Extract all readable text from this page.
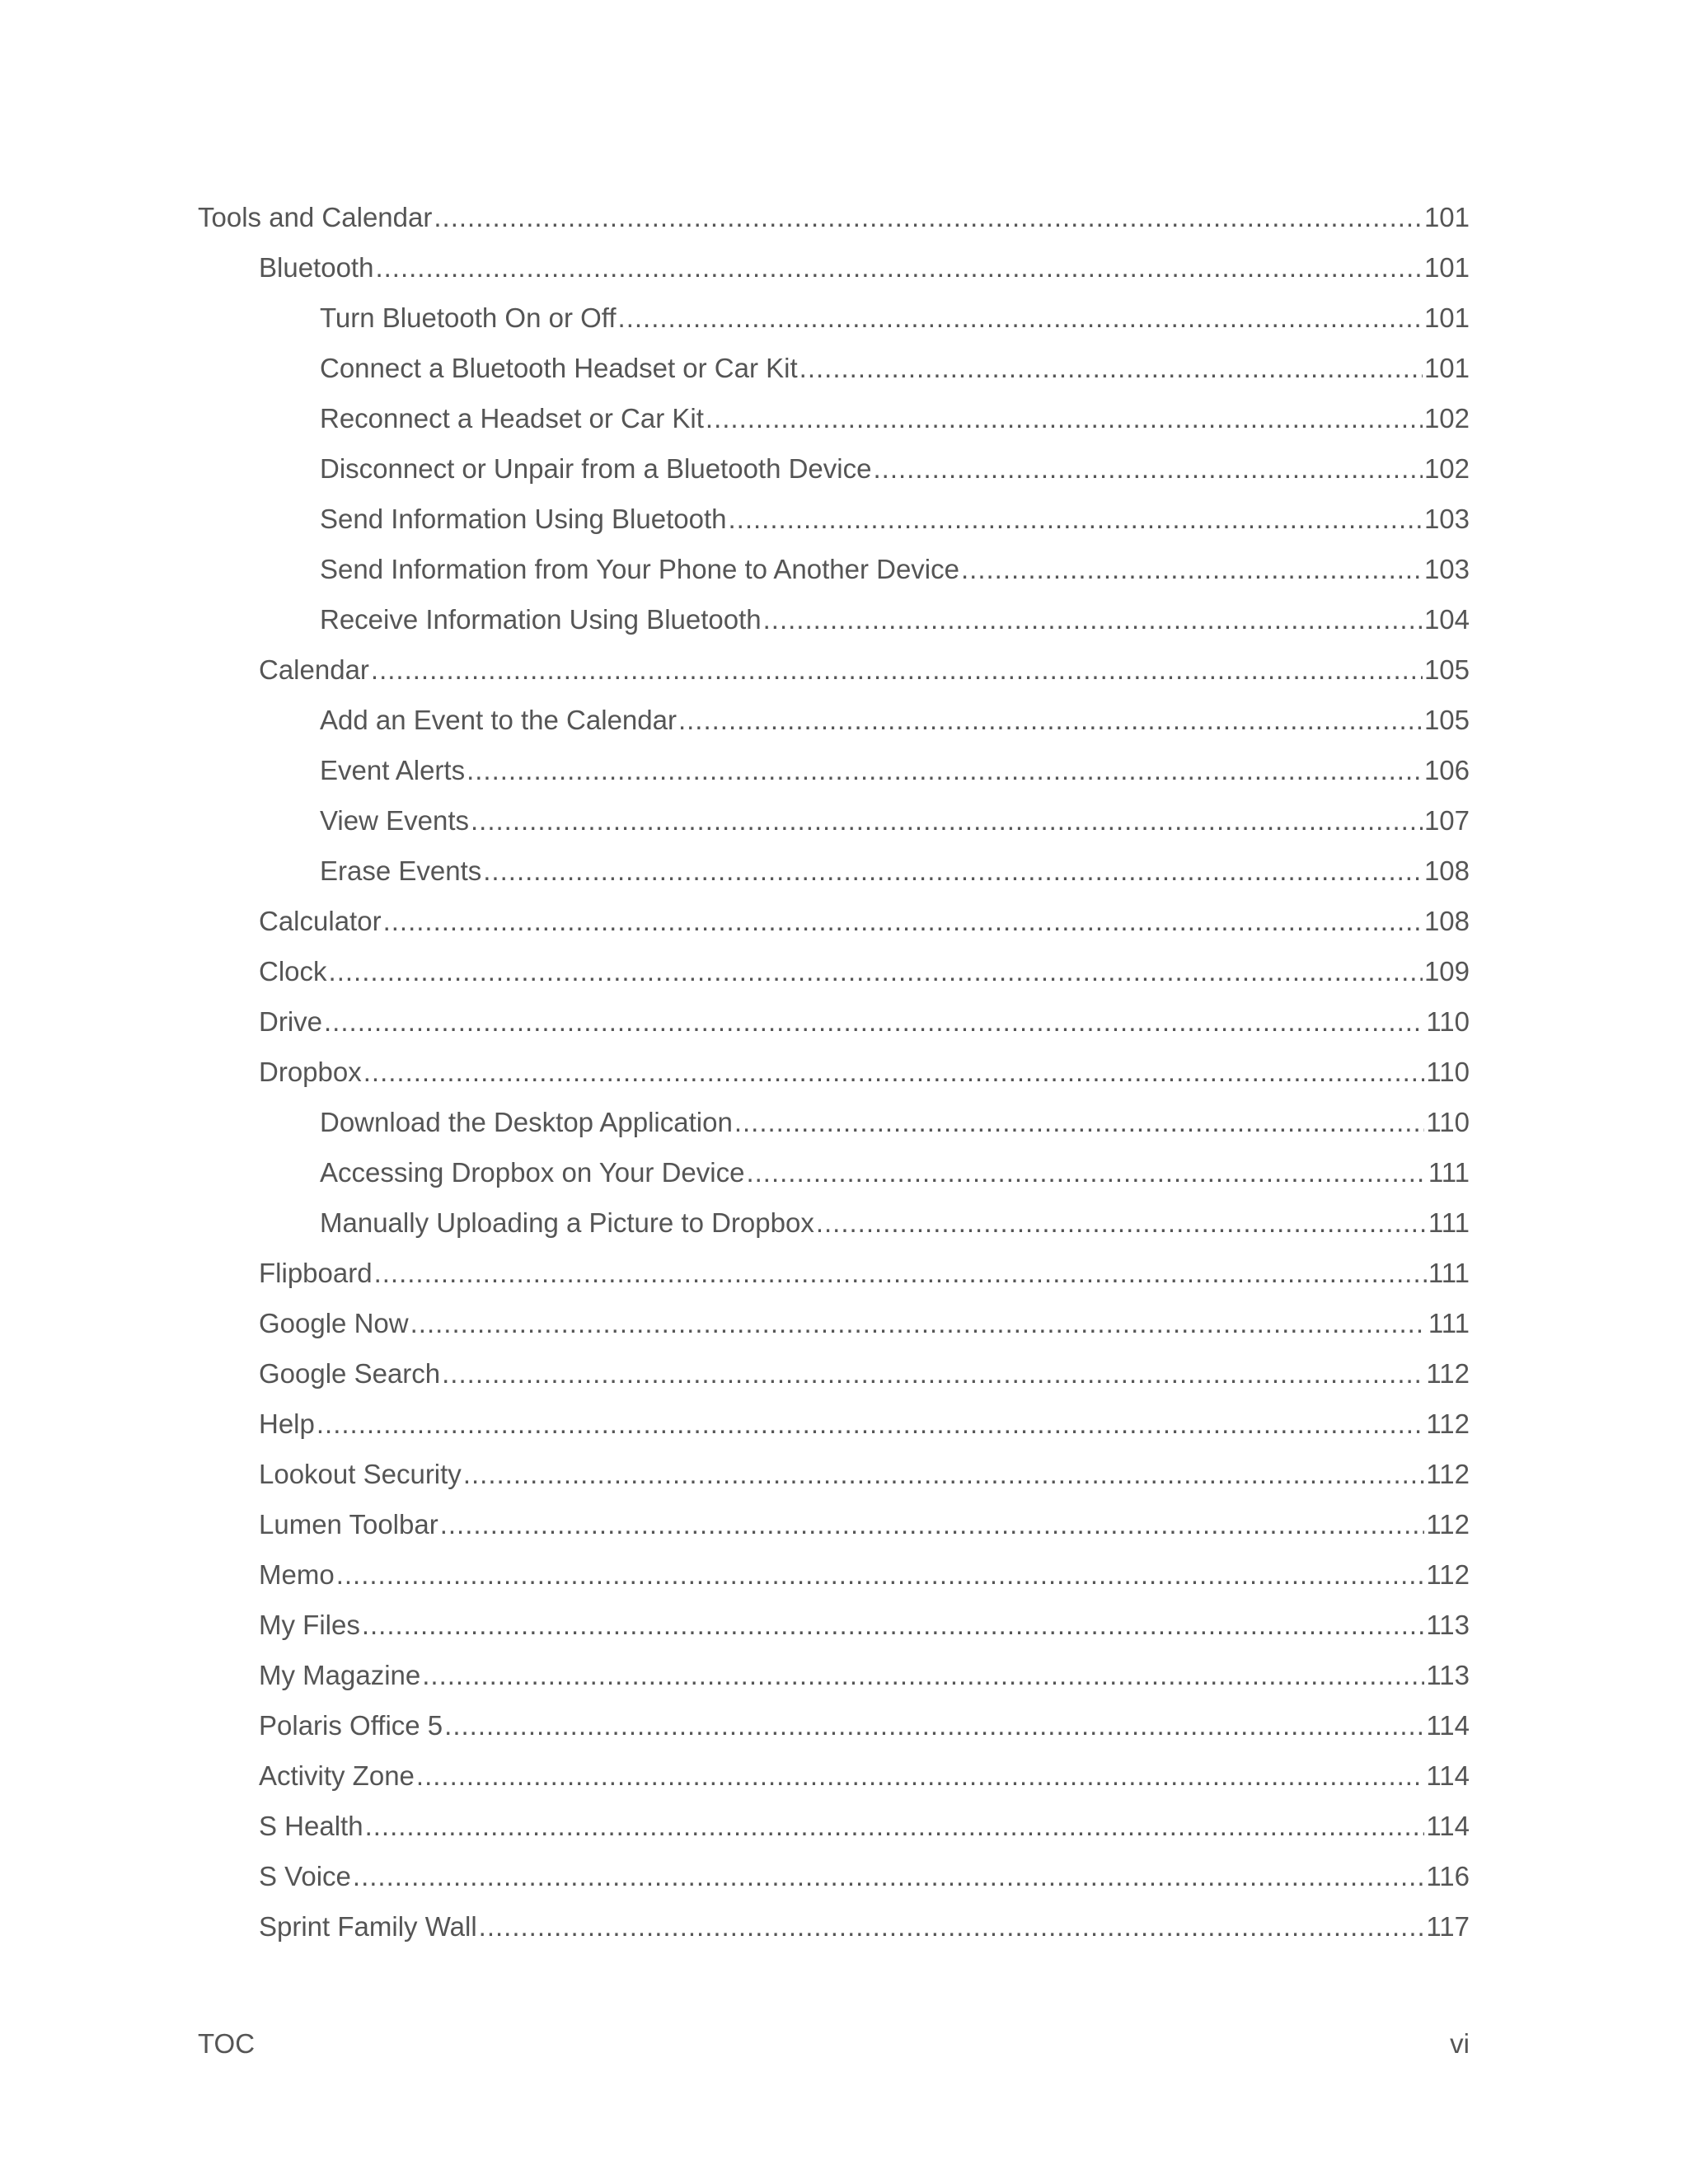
Tools and Calendar .....	101
Bluetooth .....	101
Turn Bluetooth On or Off .....	101
Connect a Bluetooth Headset or Car Kit .....	101
Reconnect a Headset or Car Kit .....	102
Disconnect or Unpair from a Bluetooth Device .....	102
Send Information Using Bluetooth .....	103
Send Information from Your Phone to Another Device .....	103
Receive Information Using Bluetooth .....	104
Calendar .....	105
Add an Event to the Calendar .....	105
Event Alerts .....	106
View Events .....	107
Erase Events .....	108
Calculator .....	108
Clock .....	109
Drive .....	110
Dropbox .....	110
Download the Desktop Application .....	110
Accessing Dropbox on Your Device .....	111
Manually Uploading a Picture to Dropbox .....	111
Flipboard .....	111
Google Now .....	111
Google Search .....	112
Help .....	112
Lookout Security .....	112
Lumen Toolbar .....	112
Memo .....	112
My Files .....	113
My Magazine .....	113
Polaris Office 5 .....	114
Activity Zone .....	114
S Health .....	114
S Voice .....	116
Sprint Family Wall .....	117
TOC	vi
